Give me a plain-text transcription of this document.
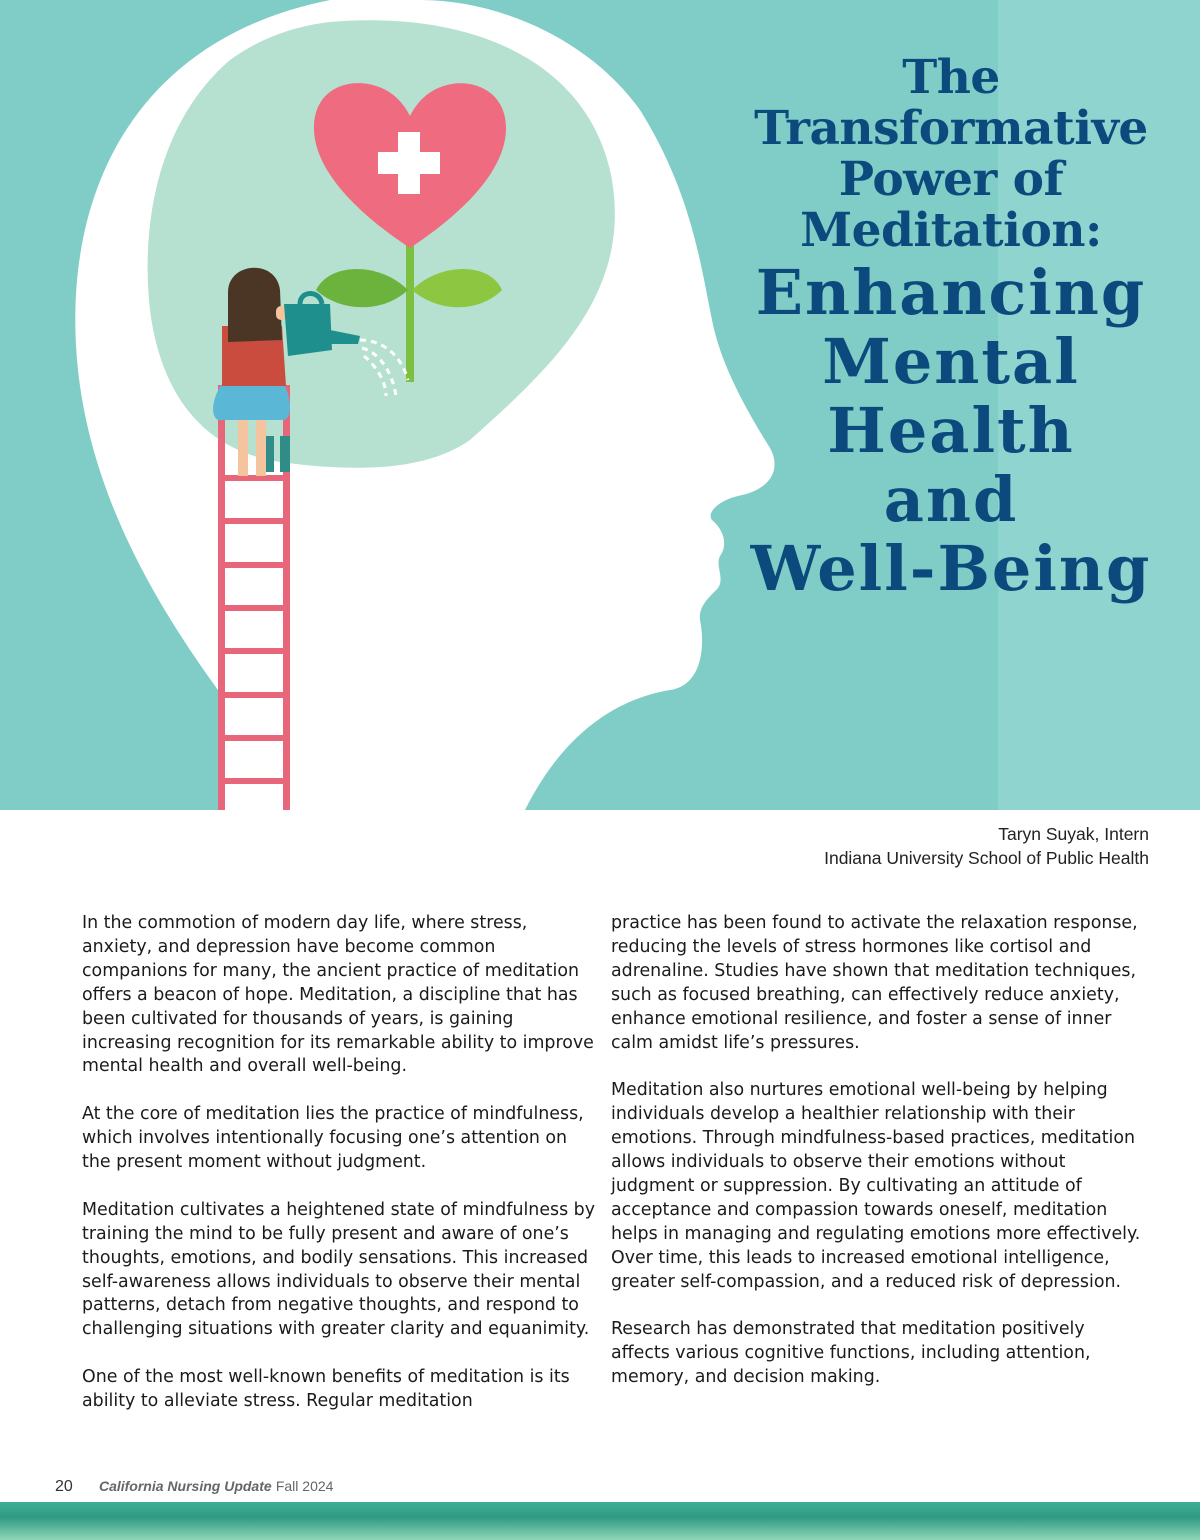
The
Transformative
Power of
Meditation:
Enhancing
Mental
Health
and
Well-Being
Taryn Suyak, Intern
Indiana University School of Public Health

In the commotion of modern day life, where stress, anxiety, and depression have become common companions for many, the ancient practice of meditation offers a beacon of hope. Meditation, a discipline that has been cultivated for thousands of years, is gaining increasing recognition for its remarkable ability to improve mental health and overall well-being.

At the core of meditation lies the practice of mindfulness, which involves intentionally focusing one’s attention on the present moment without judgment.

Meditation cultivates a heightened state of mindfulness by training the mind to be fully present and aware of one’s thoughts, emotions, and bodily sensations. This increased self-awareness allows individuals to observe their mental patterns, detach from negative thoughts, and respond to challenging situations with greater clarity and equanimity.

One of the most well-known benefits of meditation is its ability to alleviate stress. Regular meditation

practice has been found to activate the relaxation response, reducing the levels of stress hormones like cortisol and adrenaline. Studies have shown that meditation techniques, such as focused breathing, can effectively reduce anxiety, enhance emotional resilience, and foster a sense of inner calm amidst life’s pressures.

Meditation also nurtures emotional well-being by helping individuals develop a healthier relationship with their emotions. Through mindfulness-based practices, meditation allows individuals to observe their emotions without judgment or suppression. By cultivating an attitude of acceptance and compassion towards oneself, meditation helps in managing and regulating emotions more effectively. Over time, this leads to increased emotional intelligence, greater self-compassion, and a reduced risk of depression.

Research has demonstrated that meditation positively affects various cognitive functions, including attention, memory, and decision making.

20 California Nursing Update Fall 2024
